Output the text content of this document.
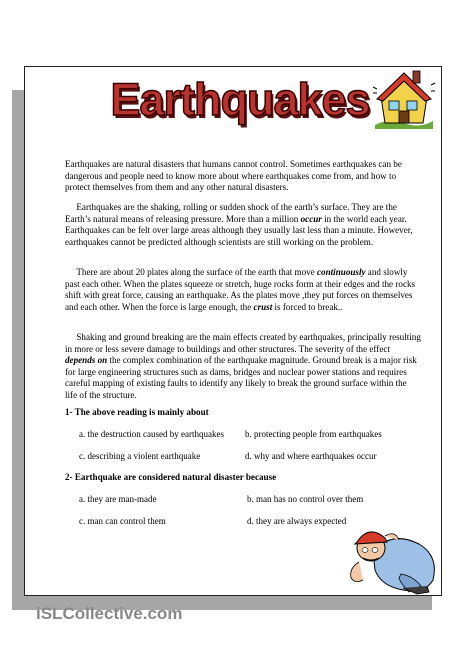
Earthquakes

Earthquakes are natural disasters that humans cannot control. Sometimes earthquakes can be dangerous and people need to know more about where earthquakes come from, and how to protect themselves from them and any other natural disasters.

Earthquakes are the shaking, rolling or sudden shock of the earth’s surface. They are the Earth’s natural means of releasing pressure. More than a million occur in the world each year. Earthquakes can be felt over large areas although they usually last less than a minute. However, earthquakes cannot be predicted although scientists are still working on the problem.

There are about 20 plates along the surface of the earth that move continuously and slowly past each other. When the plates squeeze or stretch, huge rocks form at their edges and the rocks shift with great force, causing an earthquake. As the plates move ,they put forces on themselves and each other. When the force is large enough, the crust is forced to break..

Shaking and ground breaking are the main effects created by earthquakes, principally resulting in more or less severe damage to buildings and other structures. The severity of the effect depends on the complex combination of the earthquake magnitude. Ground break is a major risk for large engineering structures such as dams, bridges and nuclear power stations and requires careful mapping of existing faults to identify any likely to break the ground surface within the life of the structure.

1- The above reading is mainly about
a. the destruction caused by earthquakes b. protecting people from earthquakes
c. describing a violent earthquake	d. why and where earthquakes occur
2- Earthquake are considered natural disaster because
a. they are man-made	b. man has no control over them
c. man can control them	d. they are always expected
iSLCollective.com
